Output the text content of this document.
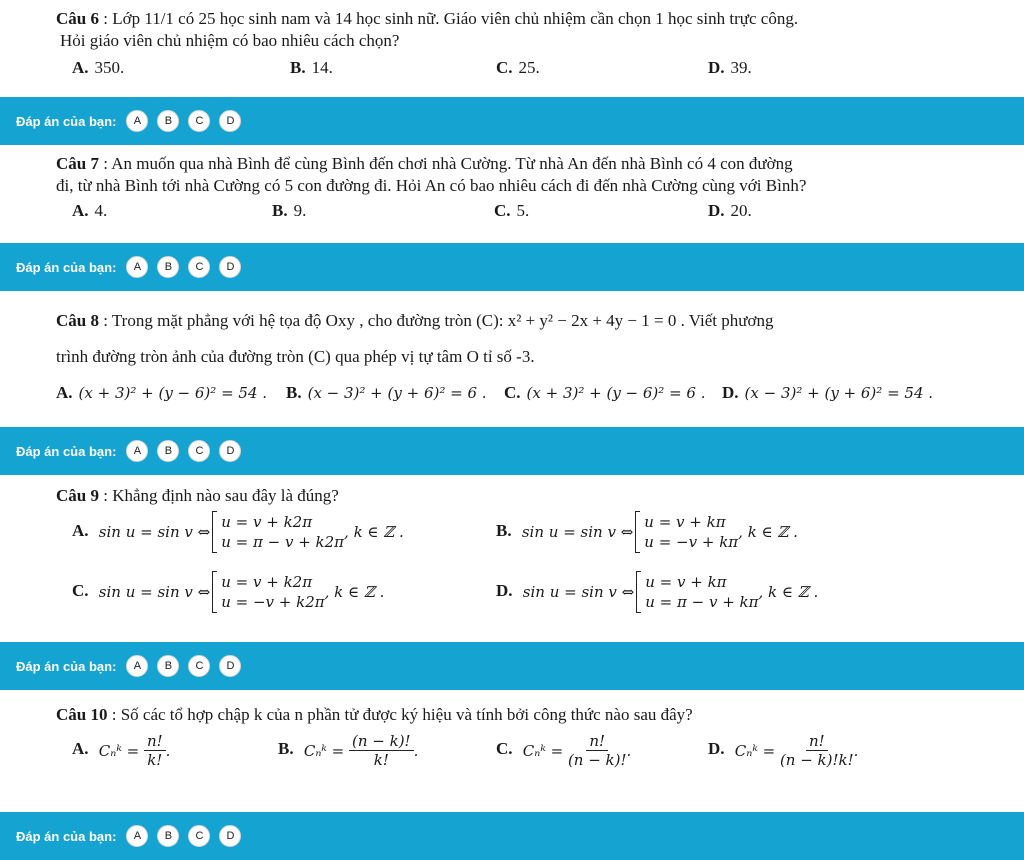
Câu 6 : Lớp 11/1 có 25 học sinh nam và 14 học sinh nữ. Giáo viên chủ nhiệm cần chọn 1 học sinh trực công.
Hỏi giáo viên chủ nhiệm có bao nhiêu cách chọn?
A. 350.	B. 14.	C. 25.	D. 39.
Đáp án của bạn:	A	B	C	D
Câu 7 : An muốn qua nhà Bình để cùng Bình đến chơi nhà Cường. Từ nhà An đến nhà Bình có 4 con đường
đi, từ nhà Bình tới nhà Cường có 5 con đường đi. Hỏi An có bao nhiêu cách đi đến nhà Cường cùng với Bình?
A. 4.	B. 9.	C. 5.	D. 20.
Đáp án của bạn:	A	B	C	D
Câu 8 : Trong mặt phẳng với hệ tọa độ Oxy , cho đường tròn (C): x² + y² − 2x + 4y − 1 = 0 . Viết phương
trình đường tròn ảnh của đường tròn (C) qua phép vị tự tâm O tỉ số -3.
A. (x + 3)² + (y − 6)² = 54 . B. (x − 3)² + (y + 6)² = 6 . C. (x + 3)² + (y − 6)² = 6 . D. (x − 3)² + (y + 6)² = 54 .
Đáp án của bạn:	A	B	C	D
Câu 9 : Khẳng định nào sau đây là đúng?
A. sin u = sin v ⇔
u = v + k2π
u = π − v + k2π
, k ∈ ℤ .	B. sin u = sin v ⇔
u = v + kπ
u = −v + kπ
, k ∈ ℤ .
C. sin u = sin v ⇔
u = v + k2π
u = −v + k2π
, k ∈ ℤ .	D. sin u = sin v ⇔
u = v + kπ
u = π − v + kπ
, k ∈ ℤ .
Đáp án của bạn:	A	B	C	D
Câu 10 : Số các tổ hợp chập k của n phần tử được ký hiệu và tính bởi công thức nào sau đây?
A. Cₙᵏ =
$\frac{n!}{k!}$ .	B. Cₙᵏ =
$\frac{(n - k)!}{k!}$ .	C. Cₙᵏ =
$\frac{n!}{(n - k)!}$ .	D. Cₙᵏ =
$\frac{n!}{(n - k)!k!}$ .
Đáp án của bạn:	A	B	C	D
